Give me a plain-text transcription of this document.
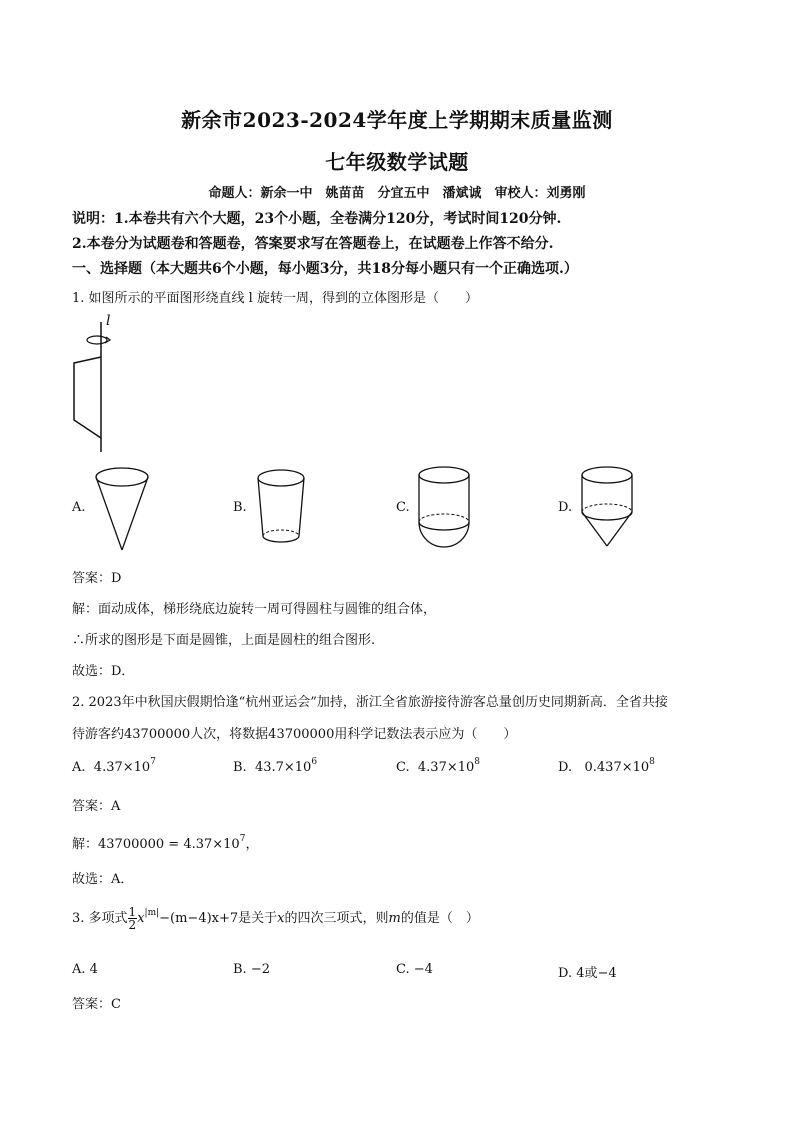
新余市2023-2024学年度上学期期末质量监测
七年级数学试题
命题人：新余一中　姚苗苗　分宜五中　潘斌诚　审校人：刘勇刚
说明：1.本卷共有六个大题，23个小题，全卷满分120分，考试时间120分钟.
2.本卷分为试题卷和答题卷，答案要求写在答题卷上，在试题卷上作答不给分.
一、选择题（本大题共6个小题，每小题3分，共18分每小题只有一个正确选项.）
1. 如图所示的平面图形绕直线 l 旋转一周，得到的立体图形是（　　）
l
A.	B.	C.	D.
答案：D
解：面动成体，梯形绕底边旋转一周可得圆柱与圆锥的组合体，
∴所求的图形是下面是圆锥，上面是圆柱的组合图形.
故选：D．
2. 2023年中秋国庆假期恰逢“杭州亚运会”加持，浙江全省旅游接待游客总量创历史同期新高．全省共接
待游客约43700000人次，将数据43700000用科学记数法表示应为（　　）
A. $4.37\times 10^7$	B. $43.7\times 10^6$	C. $4.37\times 10^8$	D. $0.437\times 10^8$
答案：A
解：$43700000 = 4.37\times 10^7$，
故选：A．
3. 多项式 $\frac{1}{2} x^{|m|}-(m-4)x+7$是关于x的四次三项式，则m的值是（　）
A. 4	B. −2	C. −4	D. 4或−4
答案：C
